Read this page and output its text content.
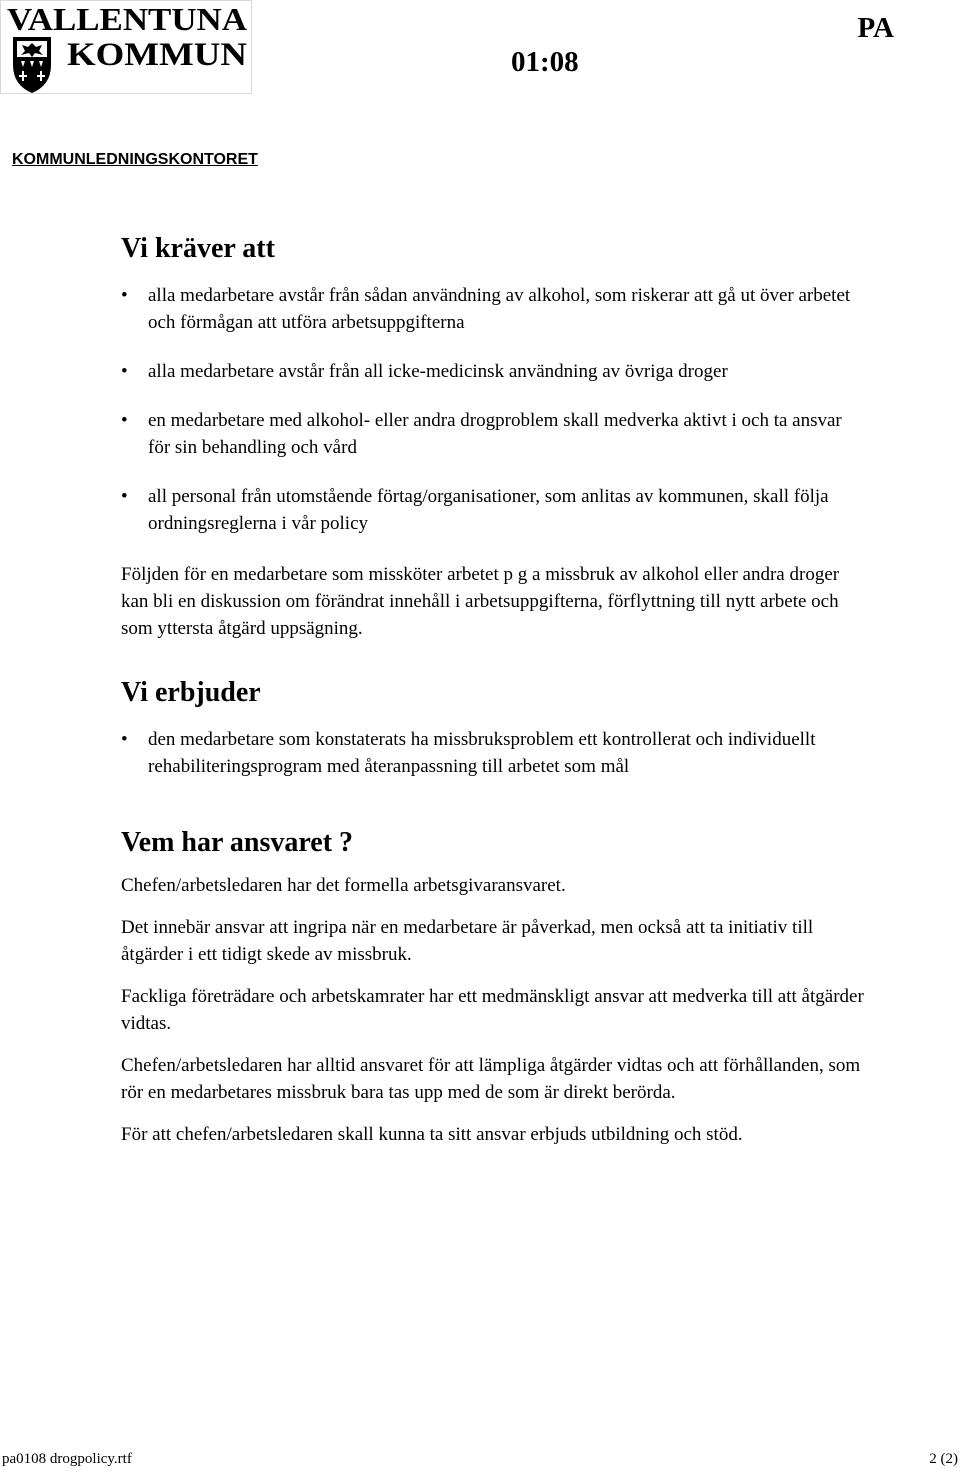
VALLENTUNA
KOMMUN	01:08
PA
KOMMUNLEDNINGSKONTORET
Vi kräver att
• alla medarbetare avstår från sådan användning av alkohol, som riskerar att gå ut över arbetet och förmågan att utföra arbetsuppgifterna
• alla medarbetare avstår från all icke-medicinsk användning av övriga droger
• en medarbetare med alkohol- eller andra drogproblem skall medverka aktivt i och ta ansvar för sin behandling och vård
• all personal från utomstående förtag/organisationer, som anlitas av kommunen, skall följa ordningsreglerna i vår policy

Följden för en medarbetare som missköter arbetet p g a missbruk av alkohol eller andra droger kan bli en diskussion om förändrat innehåll i arbetsuppgifterna, förflyttning till nytt arbete och som yttersta åtgärd uppsägning.

Vi erbjuder
• den medarbetare som konstaterats ha missbruksproblem ett kontrollerat och individuellt rehabiliteringsprogram med återanpassning till arbetet som mål
Vem har ansvaret ?

Chefen/arbetsledaren har det formella arbetsgivaransvaret.

Det innebär ansvar att ingripa när en medarbetare är påverkad, men också att ta initiativ till åtgärder i ett tidigt skede av missbruk.

Fackliga företrädare och arbetskamrater har ett medmänskligt ansvar att medverka till att åtgärder vidtas.

Chefen/arbetsledaren har alltid ansvaret för att lämpliga åtgärder vidtas och att förhållanden, som rör en medarbetares missbruk bara tas upp med de som är direkt berörda.

För att chefen/arbetsledaren skall kunna ta sitt ansvar erbjuds utbildning och stöd.

pa0108 drogpolicy.rtf	2 (2)
